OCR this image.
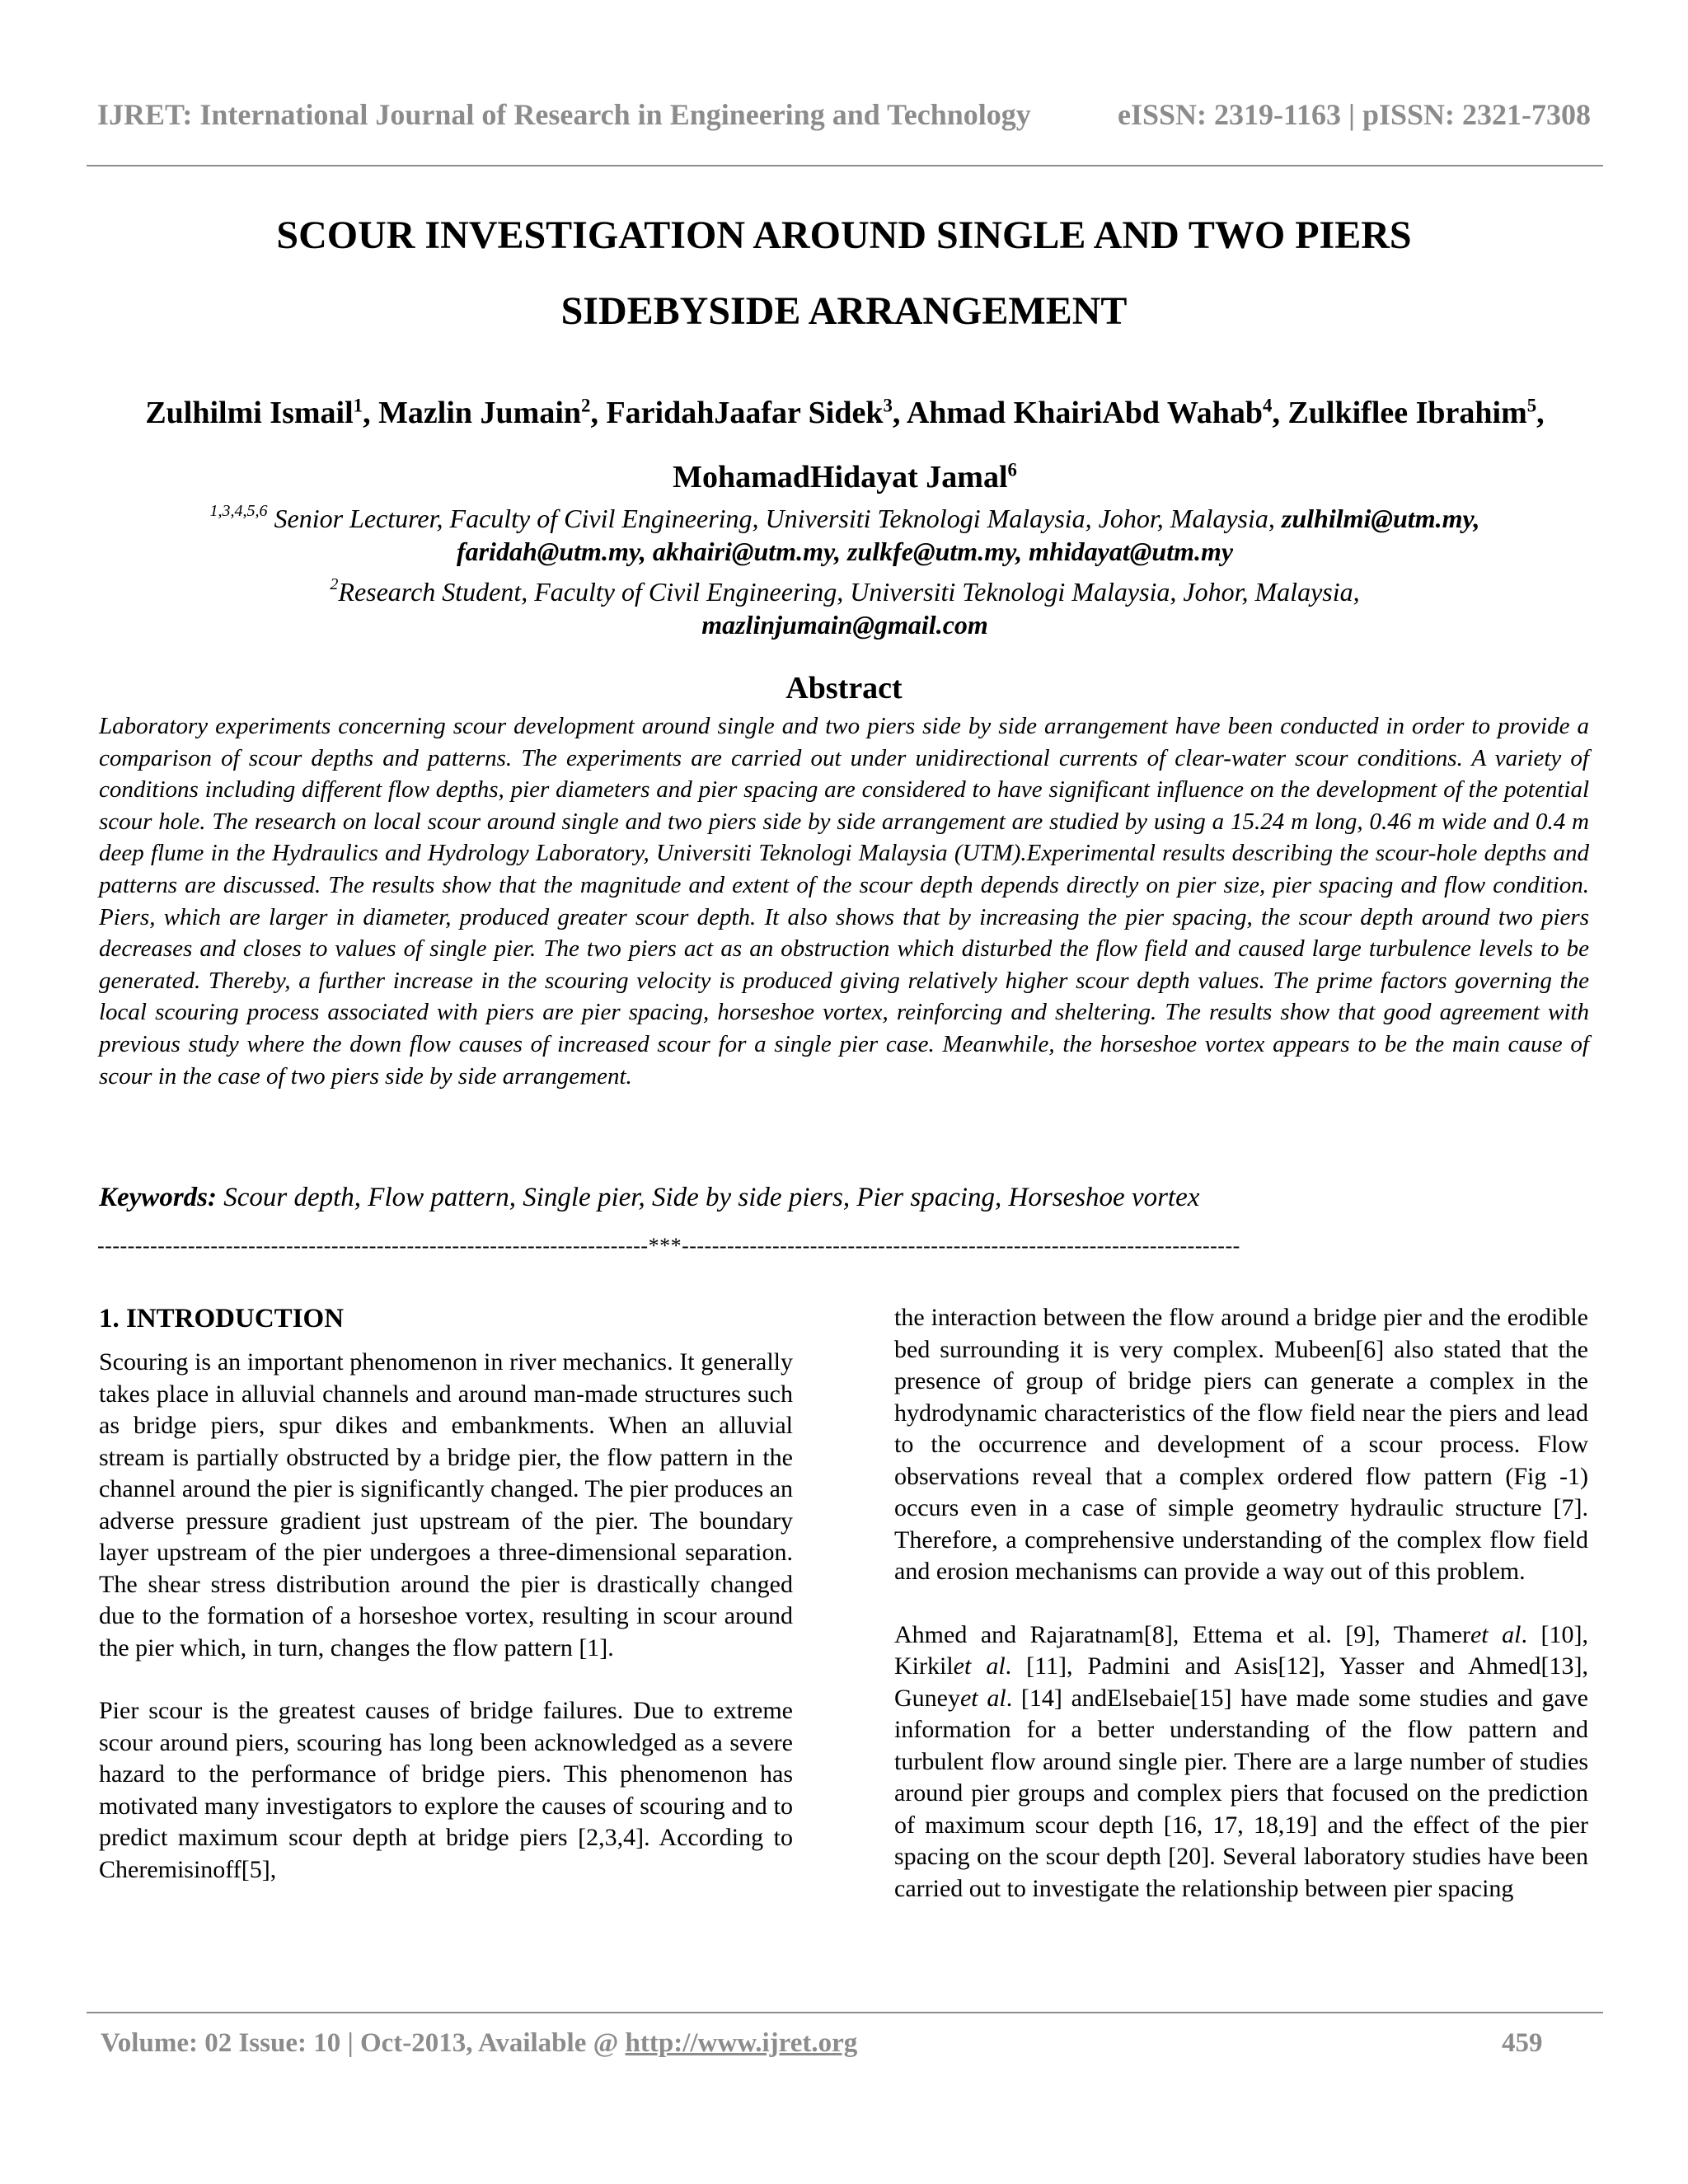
IJRET: International Journal of Research in Engineering and Technology	eISSN: 2319-1163 | pISSN: 2321-7308
SCOUR INVESTIGATION AROUND SINGLE AND TWO PIERS
SIDEBYSIDE ARRANGEMENT
Zulhilmi Ismail$^1$, Mazlin Jumain$^2$, FaridahJaafar Sidek$^3$, Ahmad KhairiAbd Wahab$^4$, Zulkiflee Ibrahim$^5$,
MohamadHidayat Jamal$^6$
$^{1,3,4,5,6}$ Senior Lecturer, Faculty of Civil Engineering, Universiti Teknologi Malaysia, Johor, Malaysia, zulhilmi@utm.my,
faridah@utm.my, akhairi@utm.my, zulkfe@utm.my, mhidayat@utm.my
$^2$Research Student, Faculty of Civil Engineering, Universiti Teknologi Malaysia, Johor, Malaysia,
mazlinjumain@gmail.com
Abstract
Laboratory experiments concerning scour development around single and two piers side by side arrangement have been conducted in order to provide a comparison of scour depths and patterns. The experiments are carried out under unidirectional currents of clear-water scour conditions. A variety of conditions including different flow depths, pier diameters and pier spacing are considered to have significant influence on the development of the potential scour hole. The research on local scour around single and two piers side by side arrangement are studied by using a 15.24 m long, 0.46 m wide and 0.4 m deep flume in the Hydraulics and Hydrology Laboratory, Universiti Teknologi Malaysia (UTM).Experimental results describing the scour-hole depths and patterns are discussed. The results show that the magnitude and extent of the scour depth depends directly on pier size, pier spacing and flow condition. Piers, which are larger in diameter, produced greater scour depth. It also shows that by increasing the pier spacing, the scour depth around two piers decreases and closes to values of single pier. The two piers act as an obstruction which disturbed the flow field and caused large turbulence levels to be generated. Thereby, a further increase in the scouring velocity is produced giving relatively higher scour depth values. The prime factors governing the local scouring process associated with piers are pier spacing, horseshoe vortex, reinforcing and sheltering. The results show that good agreement with previous study where the down flow causes of increased scour for a single pier case. Meanwhile, the horseshoe vortex appears to be the main cause of scour in the case of two piers side by side arrangement.
Keywords: Scour depth, Flow pattern, Single pier, Side by side piers, Pier spacing, Horseshoe vortex
-------------------------------------------------------------------------***--------------------------------------------------------------------------
1. INTRODUCTION

Scouring is an important phenomenon in river mechanics. It generally takes place in alluvial channels and around man-made structures such as bridge piers, spur dikes and embankments. When an alluvial stream is partially obstructed by a bridge pier, the flow pattern in the channel around the pier is significantly changed. The pier produces an adverse pressure gradient just upstream of the pier. The boundary layer upstream of the pier undergoes a three-dimensional separation. The shear stress distribution around the pier is drastically changed due to the formation of a horseshoe vortex, resulting in scour around the pier which, in turn, changes the flow pattern [1].

Pier scour is the greatest causes of bridge failures. Due to extreme scour around piers, scouring has long been acknowledged as a severe hazard to the performance of bridge piers. This phenomenon has motivated many investigators to explore the causes of scouring and to predict maximum scour depth at bridge piers [2,3,4]. According to Cheremisinoff[5],

the interaction between the flow around a bridge pier and the erodible bed surrounding it is very complex. Mubeen[6] also stated that the presence of group of bridge piers can generate a complex in the hydrodynamic characteristics of the flow field near the piers and lead to the occurrence and development of a scour process. Flow observations reveal that a complex ordered flow pattern (Fig -1) occurs even in a case of simple geometry hydraulic structure [7]. Therefore, a comprehensive understanding of the complex flow field and erosion mechanisms can provide a way out of this problem.

Ahmed and Rajaratnam[8], Ettema et al. [9], Thameret al. [10], Kirkilet al. [11], Padmini and Asis[12], Yasser and Ahmed[13], Guneyet al. [14] andElsebaie[15] have made some studies and gave information for a better understanding of the flow pattern and turbulent flow around single pier. There are a large number of studies around pier groups and complex piers that focused on the prediction of maximum scour depth [16, 17, 18,19] and the effect of the pier spacing on the scour depth [20]. Several laboratory studies have been carried out to investigate the relationship between pier spacing

Volume: 02 Issue: 10 | Oct-2013, Available @ http://www.ijret.org	459
